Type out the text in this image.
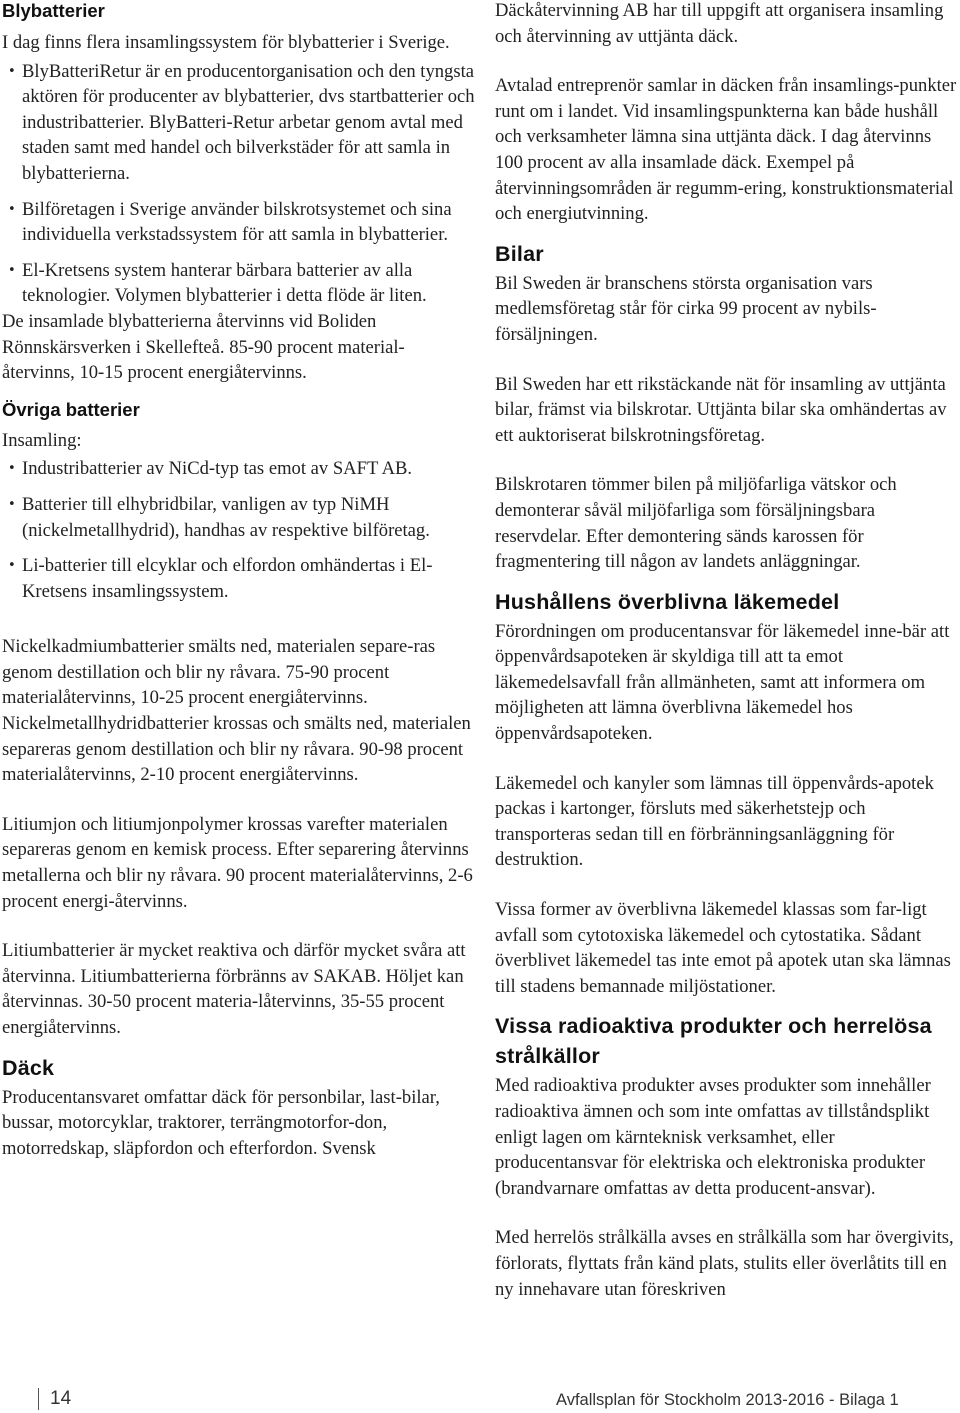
Blybatterier

I dag finns flera insamlingssystem för blybatterier i Sverige.

• BlyBatteriRetur är en producentorganisation och den tyngsta aktören för producenter av blybatterier, dvs startbatterier och industribatterier. BlyBatteri-Retur arbetar genom avtal med staden samt med handel och bilverkstäder för att samla in blybatterierna.
• Bilföretagen i Sverige använder bilskrotsystemet och sina individuella verkstadssystem för att samla in blybatterier.
• El-Kretsens system hanterar bärbara batterier av alla teknologier. Volymen blybatterier i detta flöde är liten.

De insamlade blybatterierna återvinns vid Boliden Rönnskärsverken i Skellefteå. 85-90 procent material-återvinns, 10-15 procent energiåtervinns.

Övriga batterier

Insamling:

• Industribatterier av NiCd-typ tas emot av SAFT AB.
• Batterier till elhybridbilar, vanligen av typ NiMH (nickelmetallhydrid), handhas av respektive bilföretag.
• Li-batterier till elcyklar och elfordon omhändertas i El-Kretsens insamlingssystem.

Nickelkadmiumbatterier smälts ned, materialen separe-ras genom destillation och blir ny råvara. 75-90 procent materialåtervinns, 10-25 procent energiåtervinns. Nickelmetallhydridbatterier krossas och smälts ned, materialen separeras genom destillation och blir ny råvara. 90-98 procent materialåtervinns, 2-10 procent energiåtervinns.

Litiumjon och litiumjonpolymer krossas varefter materialen separeras genom en kemisk process. Efter separering återvinns metallerna och blir ny råvara. 90 procent materialåtervinns, 2-6 procent energi-återvinns.

Litiumbatterier är mycket reaktiva och därför mycket svåra att återvinna. Litiumbatterierna förbränns av SAKAB. Höljet kan återvinnas. 30-50 procent materia-låtervinns, 35-55 procent energiåtervinns.

Däck

Producentansvaret omfattar däck för personbilar, last-bilar, bussar, motorcyklar, traktorer, terrängmotorfor-don, motorredskap, släpfordon och efterfordon. Svensk

Däckåtervinning AB har till uppgift att organisera insamling och återvinning av uttjänta däck.

Avtalad entreprenör samlar in däcken från insamlings-punkter runt om i landet. Vid insamlingspunkterna kan både hushåll och verksamheter lämna sina uttjänta däck. I dag återvinns 100 procent av alla insamlade däck. Exempel på återvinningsområden är regumm-ering, konstruktionsmaterial och energiutvinning.

Bilar

Bil Sweden är branschens största organisation vars medlemsföretag står för cirka 99 procent av nybils-försäljningen.

Bil Sweden har ett rikstäckande nät för insamling av uttjänta bilar, främst via bilskrotar. Uttjänta bilar ska omhändertas av ett auktoriserat bilskrotningsföretag.

Bilskrotaren tömmer bilen på miljöfarliga vätskor och demonterar såväl miljöfarliga som försäljningsbara reservdelar. Efter demontering sänds karossen för fragmentering till någon av landets anläggningar.

Hushållens överblivna läkemedel

Förordningen om producentansvar för läkemedel inne-bär att öppenvårdsapoteken är skyldiga till att ta emot läkemedelsavfall från allmänheten, samt att informera om möjligheten att lämna överblivna läkemedel hos öppenvårdsapoteken.

Läkemedel och kanyler som lämnas till öppenvårds-apotek packas i kartonger, försluts med säkerhetstejp och transporteras sedan till en förbränningsanläggning för destruktion.

Vissa former av överblivna läkemedel klassas som far-ligt avfall som cytotoxiska läkemedel och cytostatika. Sådant överblivet läkemedel tas inte emot på apotek utan ska lämnas till stadens bemannade miljöstationer.

Vissa radioaktiva produkter och herrelösa strålkällor

Med radioaktiva produkter avses produkter som innehåller radioaktiva ämnen och som inte omfattas av tillståndsplikt enligt lagen om kärnteknisk verksamhet, eller producentansvar för elektriska och elektroniska produkter (brandvarnare omfattas av detta producent-ansvar).

Med herrelös strålkälla avses en strålkälla som har övergivits, förlorats, flyttats från känd plats, stulits eller överlåtits till en ny innehavare utan föreskriven

14	Avfallsplan för Stockholm 2013-2016 - Bilaga 1
